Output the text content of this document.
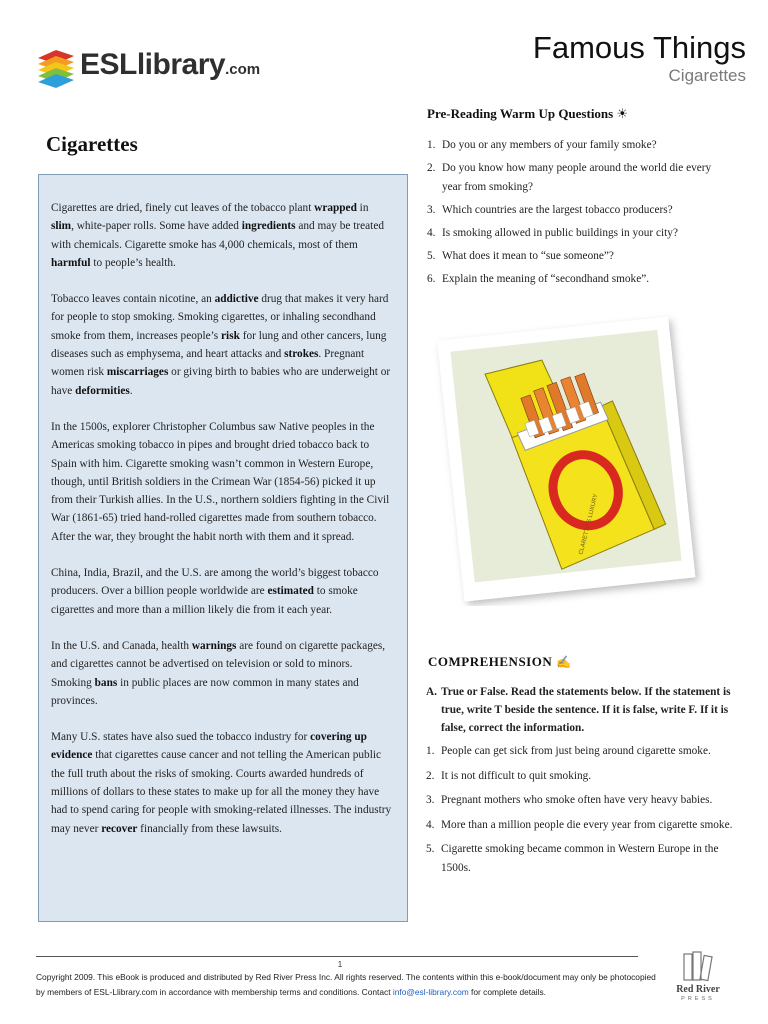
ESLlibrary.com
Famous Things
Cigarettes
Cigarettes

Cigarettes are dried, finely cut leaves of the tobacco plant wrapped in slim, white-paper rolls. Some have added ingredients and may be treated with chemicals. Cigarette smoke has 4,000 chemicals, most of them harmful to people’s health.

Tobacco leaves contain nicotine, an addictive drug that makes it very hard for people to stop smoking. Smoking cigarettes, or inhaling secondhand smoke from them, increases people’s risk for lung and other cancers, lung diseases such as emphysema, and heart attacks and strokes. Pregnant women risk miscarriages or giving birth to babies who are underweight or have deformities.

In the 1500s, explorer Christopher Columbus saw Native peoples in the Americas smoking tobacco in pipes and brought dried tobacco back to Spain with him. Cigarette smoking wasn’t common in Western Europe, though, until British soldiers in the Crimean War (1854-56) picked it up from their Turkish allies. In the U.S., northern soldiers fighting in the Civil War (1861-65) tried hand-rolled cigarettes made from southern tobacco. After the war, they brought the habit north with them and it spread.

China, India, Brazil, and the U.S. are among the world’s biggest tobacco producers. Over a billion people worldwide are estimated to smoke cigarettes and more than a million likely die from it each year.

In the U.S. and Canada, health warnings are found on cigarette packages, and cigarettes cannot be advertised on television or sold to minors. Smoking bans in public places are now common in many states and provinces.

Many U.S. states have also sued the tobacco industry for covering up evidence that cigarettes cause cancer and not telling the American public the full truth about the risks of smoking. Courts awarded hundreds of millions of dollars to these states to make up for all the money they have had to spend caring for people with smoking-related illnesses. The industry may never recover financially from these lawsuits.

Pre-Reading Warm Up Questions ☀
1. Do you or any members of your family smoke?
2. Do you know how many people around the world die every year from smoking?
3. Which countries are the largest tobacco producers?
4. Is smoking allowed in public buildings in your city?
5. What does it mean to “sue someone”?
6. Explain the meaning of “secondhand smoke”.
CLARETTE'S LUXURY
COMPREHENSION ✍
A. True or False. Read the statements below. If the statement is true, write T beside the sentence. If it is false, write F. If it is false, correct the information.
1. People can get sick from just being around cigarette smoke.
2. It is not difficult to quit smoking.
3. Pregnant mothers who smoke often have very heavy babies.
4. More than a million people die every year from cigarette smoke.
5. Cigarette smoking became common in Western Europe in the 1500s.
1
Copyright 2009. This eBook is produced and distributed by Red River Press Inc. All rights reserved. The contents within this e-book/document may only be photocopied by members of ESL-Llibrary.com in accordance with membership terms and conditions. Contact info@esl-library.com for complete details.	Red River
PRESS
